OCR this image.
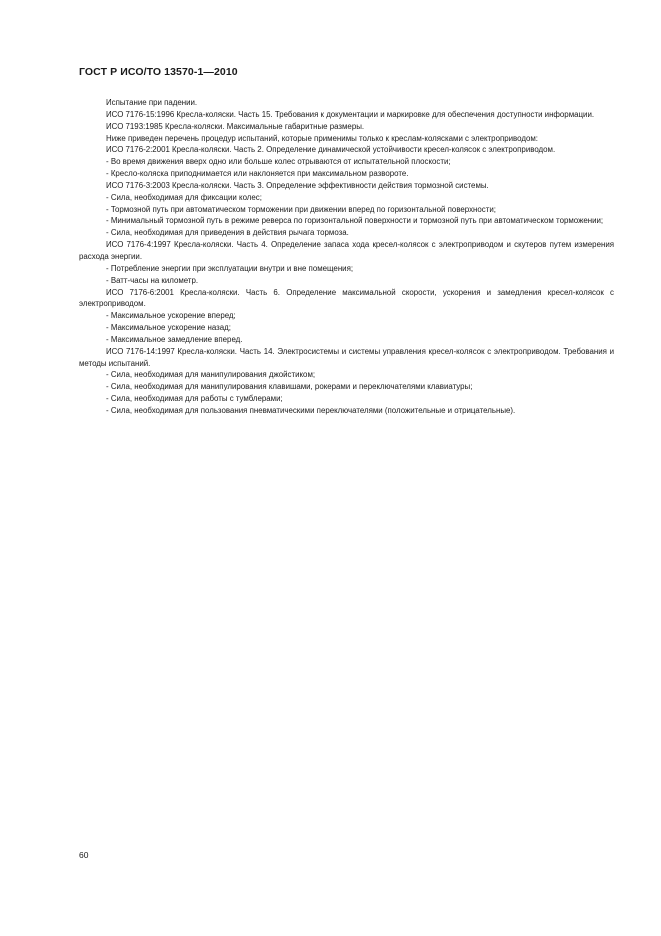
ГОСТ Р ИСО/ТО 13570-1—2010

Испытание при падении.

ИСО 7176-15:1996 Кресла-коляски. Часть 15. Требования к документации и маркировке для обеспечения доступности информации.

ИСО 7193:1985 Кресла-коляски. Максимальные габаритные размеры.

Ниже приведен перечень процедур испытаний, которые применимы только к креслам-колясками с электроприводом:

ИСО 7176-2:2001 Кресла-коляски. Часть 2. Определение динамической устойчивости кресел-колясок с электроприводом.

- Во время движения вверх одно или больше колес отрываются от испытательной плоскости;

- Кресло-коляска приподнимается или наклоняется при максимальном развороте.

ИСО 7176-3:2003 Кресла-коляски. Часть 3. Определение эффективности действия тормозной системы.

- Сила, необходимая для фиксации колес;

- Тормозной путь при автоматическом торможении при движении вперед по горизонтальной поверхности;

- Минимальный тормозной путь в режиме реверса по горизонтальной поверхности и тормозной путь при автоматическом торможении;

- Сила, необходимая для приведения в действия рычага тормоза.

ИСО 7176-4:1997 Кресла-коляски. Часть 4. Определение запаса хода кресел-колясок с электроприводом и скутеров путем измерения расхода энергии.

- Потребление энергии при эксплуатации внутри и вне помещения;

- Ватт-часы на километр.

ИСО 7176-6:2001 Кресла-коляски. Часть 6. Определение максимальной скорости, ускорения и замедления кресел-колясок с электроприводом.

- Максимальное ускорение вперед;

- Максимальное ускорение назад;

- Максимальное замедление вперед.

ИСО 7176-14:1997 Кресла-коляски. Часть 14. Электросистемы и системы управления кресел-колясок с электроприводом. Требования и методы испытаний.

- Сила, необходимая для манипулирования джойстиком;

- Сила, необходимая для манипулирования клавишами, рокерами и переключателями клавиатуры;

- Сила, необходимая для работы с тумблерами;

- Сила, необходимая для пользования пневматическими переключателями (положительные и отрицательные).

60
